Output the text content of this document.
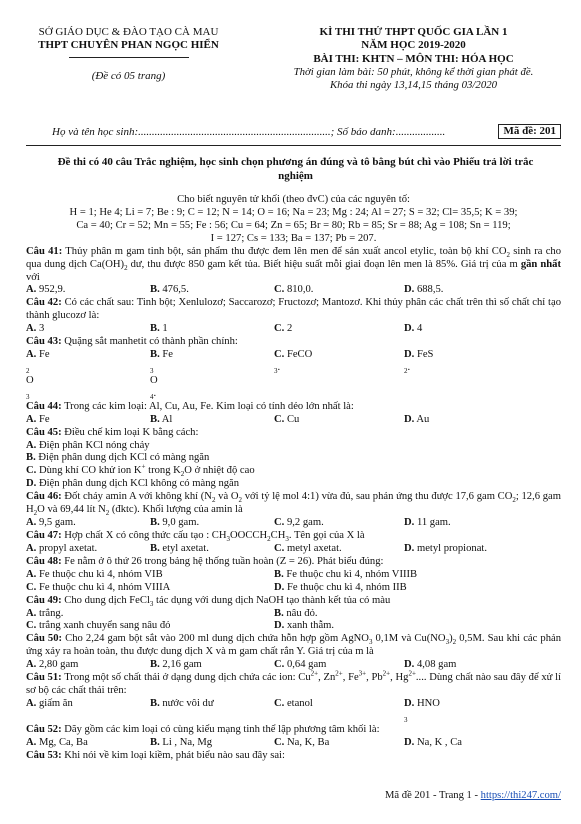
SỞ GIÁO DỤC & ĐÀO TẠO CÀ MAU
THPT CHUYÊN PHAN NGỌC HIỂN
(Đề có 05 trang)
KÌ THI THỬ THPT QUỐC GIA LẦN 1
NĂM HỌC 2019-2020
BÀI THI: KHTN – MÔN THI: HÓA HỌC
Thời gian làm bài: 50 phút, không kể thời gian phát đề.
Khóa thi ngày 13,14,15 tháng 03/2020
Họ và tên học sinh:......................................................................; Số báo danh:..................	Mã đề: 201
Đề thi có 40 câu Trắc nghiệm, học sinh chọn phương án đúng và tô bằng bút chì vào Phiếu trả lời trắc nghiệm

Cho biết nguyên tử khối (theo đvC) của các nguyên tố:

H = 1; He 4; Li = 7; Be : 9; C = 12; N = 14; O = 16; Na = 23; Mg : 24; Al = 27; S = 32; Cl= 35,5; K = 39;

Ca = 40; Cr = 52; Mn = 55; Fe : 56; Cu = 64; Zn = 65; Br = 80; Rb = 85; Sr = 88; Ag = 108; Sn = 119;

I = 127; Cs = 133; Ba = 137; Pb = 207.

Câu 41: Thủy phân m gam tinh bột, sản phẩm thu được đem lên men để sản xuất ancol etylic, toàn bộ khí $CO_2$ sinh ra cho qua dung dịch $Ca(OH)_2$ dư, thu được 850 gam kết tủa. Biết hiệu suất mỗi giai đoạn lên men là 85%. Giá trị của m gần nhất với

A. 952,9.	B. 476,5.	C. 810,0.	D. 688,5.

Câu 42: Có các chất sau: Tinh bột; Xenlulozơ; Saccarozơ; Fructozơ; Mantozơ. Khi thủy phân các chất trên thì số chất chỉ tạo thành glucozơ là:

A. 3	B. 1	C. 2	D. 4

Câu 43: Quặng sắt manhetit có thành phần chính:

A. Fe
$_2$
O
$_3$
B. Fe
$_3$
O
$_4$.
C. FeCO
$_3$.
D. FeS
$_2$.

Câu 44: Trong các kim loại: Al, Cu, Au, Fe. Kim loại có tính dẻo lớn nhất là:

A. Fe	B. Al	C. Cu	D. Au

Câu 45: Điều chế kim loại K bằng cách:

A. Điện phân KCl nóng chảy

B. Điện phân dung dịch KCl có màng ngăn

C. Dùng khí CO khử ion K+ trong $K_2O$ ở nhiệt độ cao

D. Điện phân dung dịch KCl không có màng ngăn

Câu 46: Đốt cháy amin A với không khí ($N_2$ và $O_2$ với tỷ lệ mol 4:1) vừa đủ, sau phản ứng thu được 17,6 gam $CO_2$; 12,6 gam $H_2O$ và 69,44 lít $N_2$ (đktc). Khối lượng của amin là

A. 9,5 gam.	B. 9,0 gam.	C. 9,2 gam.	D. 11 gam.

Câu 47: Hợp chất X có công thức cấu tạo : $CH_3OOCCH_2CH_3$. Tên gọi của X là

A. propyl axetat.	B. etyl axetat.	C. metyl axetat.	D. metyl propionat.

Câu 48: Fe nằm ở ô thứ 26 trong bảng hệ thống tuần hoàn (Z = 26). Phát biểu đúng:

A. Fe thuộc chu kì 4, nhóm VIB	B. Fe thuộc chu kì 4, nhóm VIIIB
C. Fe thuộc chu kì 4, nhóm VIIIA	D. Fe thuộc chu kì 4, nhóm IIB

Câu 49: Cho dung dịch FeCl$_3$ tác dụng với dung dịch NaOH tạo thành kết tủa có màu

A. trắng.	B. nâu đỏ.
C. trắng xanh chuyển sang nâu đỏ	D. xanh thẫm.

Câu 50: Cho 2,24 gam bột sắt vào 200 ml dung dịch chứa hỗn hợp gồm AgNO$_3$ 0,1M và $Cu(NO_3)_2$ 0,5M. Sau khi các phản ứng xảy ra hoàn toàn, thu được dung dịch X và m gam chất rắn Y. Giá trị của m là

A. 2,80 gam	B. 2,16 gam	C. 0,64 gam	D. 4,08 gam

Câu 51: Trong một số chất thải ở dạng dung dịch chứa các ion: $Cu^{2+}$, $Zn^{2+}$, $Fe^{3+}$, $Pb^{2+}$, $Hg^{2+}$.... Dùng chất nào sau đây để xử lí sơ bộ các chất thải trên:

A. giấm ăn	B. nước vôi dư	C. etanol	D. HNO
$_3$

Câu 52: Dãy gồm các kim loại có cùng kiểu mạng tinh thể lập phương tâm khối là:

A. Mg, Ca, Ba	B. Li , Na, Mg	C. Na, K, Ba	D. Na, K , Ca

Câu 53: Khi nói về kim loại kiềm, phát biểu nào sau đây sai:

Mã đề 201 - Trang 1 - https://thi247.com/
